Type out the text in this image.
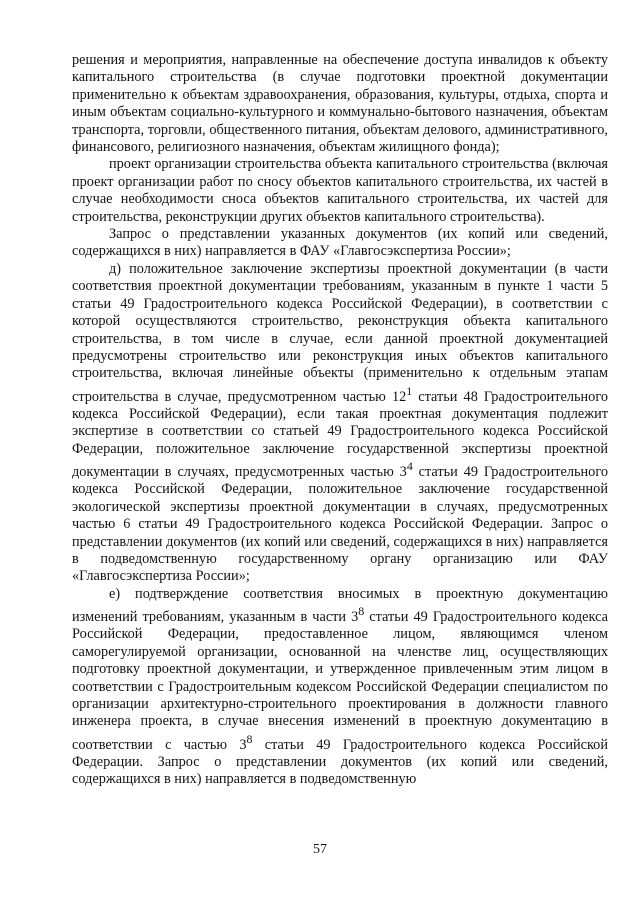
решения и мероприятия, направленные на обеспечение доступа инвалидов к объекту капитального строительства (в случае подготовки проектной документации применительно к объектам здравоохранения, образования, культуры, отдыха, спорта и иным объектам социально-культурного и коммунально-бытового назначения, объектам транспорта, торговли, общественного питания, объектам делового, административного, финансового, религиозного назначения, объектам жилищного фонда);

проект организации строительства объекта капитального строительства (включая проект организации работ по сносу объектов капитального строительства, их частей в случае необходимости сноса объектов капитального строительства, их частей для строительства, реконструкции других объектов капитального строительства).

Запрос о представлении указанных документов (их копий или сведений, содержащихся в них) направляется в ФАУ «Главгосэкспертиза России»;

д) положительное заключение экспертизы проектной документации (в части соответствия проектной документации требованиям, указанным в пункте 1 части 5 статьи 49 Градостроительного кодекса Российской Федерации), в соответствии с которой осуществляются строительство, реконструкция объекта капитального строительства, в том числе в случае, если данной проектной документацией предусмотрены строительство или реконструкция иных объектов капитального строительства, включая линейные объекты (применительно к отдельным этапам строительства в случае, предусмотренном частью $12^1$ статьи 48 Градостроительного кодекса Российской Федерации), если такая проектная документация подлежит экспертизе в соответствии со статьей 49 Градостроительного кодекса Российской Федерации, положительное заключение государственной экспертизы проектной документации в случаях, предусмотренных частью $3^4$ статьи 49 Градостроительного кодекса Российской Федерации, положительное заключение государственной экологической экспертизы проектной документации в случаях, предусмотренных частью 6 статьи 49 Градостроительного кодекса Российской Федерации. Запрос о представлении документов (их копий или сведений, содержащихся в них) направляется в подведомственную государственному органу организацию или ФАУ «Главгосэкспертиза России»;

е) подтверждение соответствия вносимых в проектную документацию изменений требованиям, указанным в части $3^8$ статьи 49 Градостроительного кодекса Российской Федерации, предоставленное лицом, являющимся членом саморегулируемой организации, основанной на членстве лиц, осуществляющих подготовку проектной документации, и утвержденное привлеченным этим лицом в соответствии с Градостроительным кодексом Российской Федерации специалистом по организации архитектурно-строительного проектирования в должности главного инженера проекта, в случае внесения изменений в проектную документацию в соответствии с частью $3^8$ статьи 49 Градостроительного кодекса Российской Федерации. Запрос о представлении документов (их копий или сведений, содержащихся в них) направляется в подведомственную

57
